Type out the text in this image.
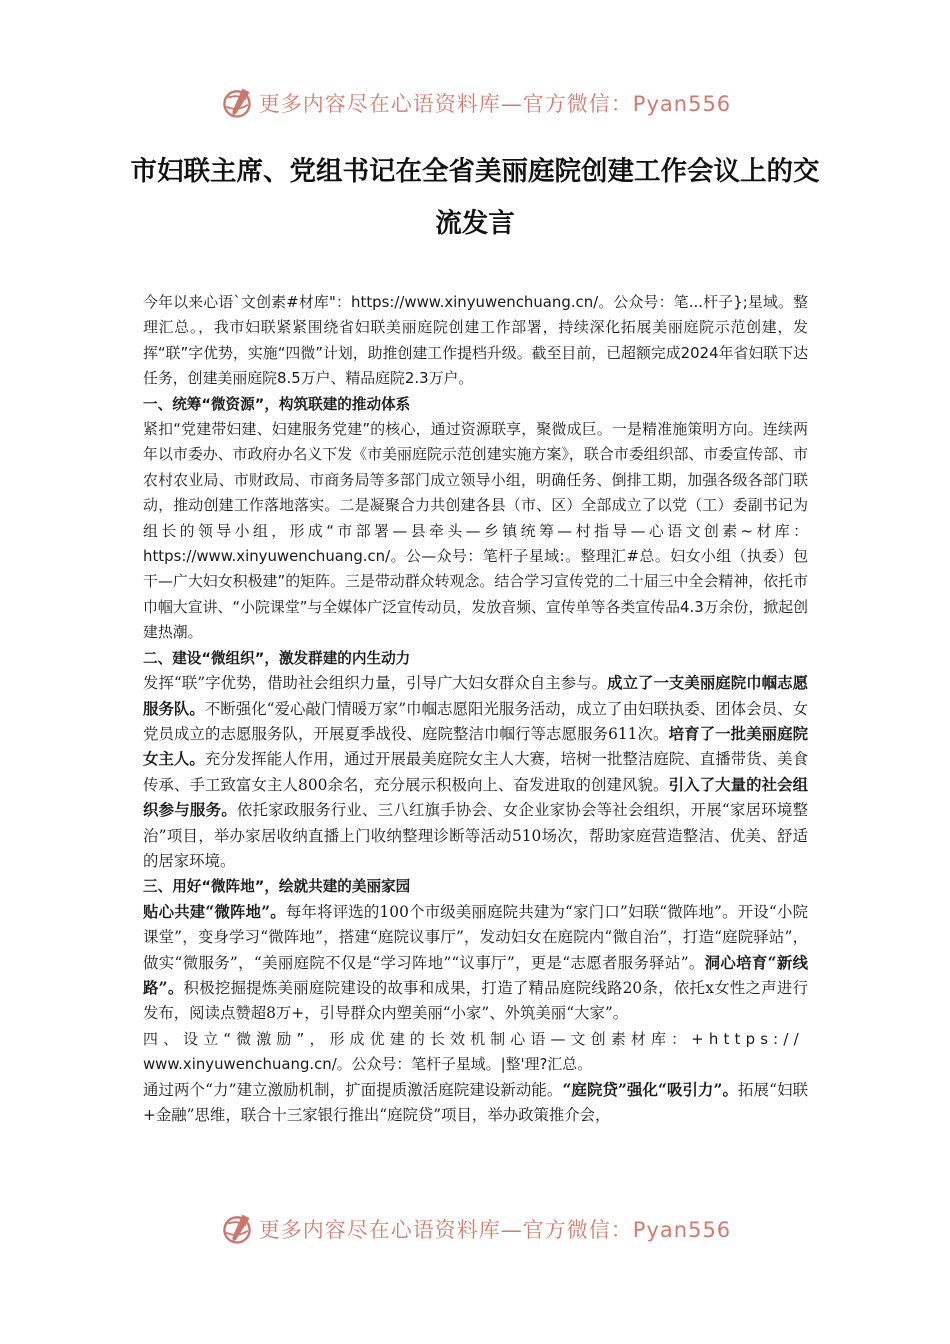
更多内容尽在心语资料库—官方微信：Pyan556
市妇联主席、党组书记在全省美丽庭院创建工作会议上的交流发言

今年以来心语`文创素#材库"：https://www.xinyuwenchuang.cn/。公众号：笔...杆子};星域。整理汇总。，我市妇联紧紧围绕省妇联美丽庭院创建工作部署，持续深化拓展美丽庭院示范创建，发挥“联”字优势，实施“四微”计划，助推创建工作提档升级。截至目前，已超额完成2024年省妇联下达任务，创建美丽庭院8.5万户、精品庭院2.3万户。

一、统筹“微资源”，构筑联建的推动体系

紧扣“党建带妇建、妇建服务党建”的核心，通过资源联享，聚微成巨。一是精准施策明方向。连续两年以市委办、市政府办名义下发《市美丽庭院示范创建实施方案》，联合市委组织部、市委宣传部、市农村农业局、市财政局、市商务局等多部门成立领导小组，明确任务、倒排工期，加强各级各部门联动，推动创建工作落地落实。二是凝聚合力共创建各县（市、区）全部成立了以党（工）委副书记为组长的领导小组，形成“市部署—县牵头—乡镇统筹—村指导—心语文创素~材库：https://www.xinyuwenchuang.cn/。公—众号：笔杆子星域:。整理汇#总。妇女小组（执委）包干—广大妇女积极建”的矩阵。三是带动群众转观念。结合学习宣传党的二十届三中全会精神，依托市巾帼大宣讲、“小院课堂”与全媒体广泛宣传动员，发放音频、宣传单等各类宣传品4.3万余份，掀起创建热潮。

二、建设“微组织”，激发群建的内生动力

发挥“联”字优势，借助社会组织力量，引导广大妇女群众自主参与。成立了一支美丽庭院巾帼志愿服务队。不断强化“爱心敲门情暖万家”巾帼志愿阳光服务活动，成立了由妇联执委、团体会员、女党员成立的志愿服务队，开展夏季战役、庭院整洁巾帼行等志愿服务611次。培育了一批美丽庭院女主人。充分发挥能人作用，通过开展最美庭院女主人大赛，培树一批整洁庭院、直播带货、美食传承、手工致富女主人800余名，充分展示积极向上、奋发进取的创建风貌。引入了大量的社会组织参与服务。依托家政服务行业、三八红旗手协会、女企业家协会等社会组织，开展“家居环境整治”项目，举办家居收纳直播上门收纳整理诊断等活动510场次，帮助家庭营造整洁、优美、舒适的居家环境。

三、用好“微阵地”，绘就共建的美丽家园

贴心共建“微阵地”。每年将评选的100个市级美丽庭院共建为“家门口”妇联“微阵地”。开设“小院课堂”，变身学习“微阵地”，搭建“庭院议事厅”，发动妇女在庭院内“微自治”，打造“庭院驿站”，做实“微服务”，“美丽庭院不仅是“学习阵地”“议事厅”，更是“志愿者服务驿站”。洞心培育“新线路”。积极挖掘提炼美丽庭院建设的故事和成果，打造了精品庭院线路20条，依托x女性之声进行发布，阅读点赞超8万+，引导群众内塑美丽“小家”、外筑美丽“大家”。

四、设立“微激励”，形成优建的长效机制心语—文创素材库：+https://
www.xinyuwenchuang.cn/。公众号：笔杆子星域。|整'理?汇总。

通过两个“力”建立激励机制，扩面提质激活庭院建设新动能。“庭院贷”强化“吸引力”。拓展“妇联+金融”思维，联合十三家银行推出“庭院贷”项目，举办政策推介会，

更多内容尽在心语资料库—官方微信：Pyan556
